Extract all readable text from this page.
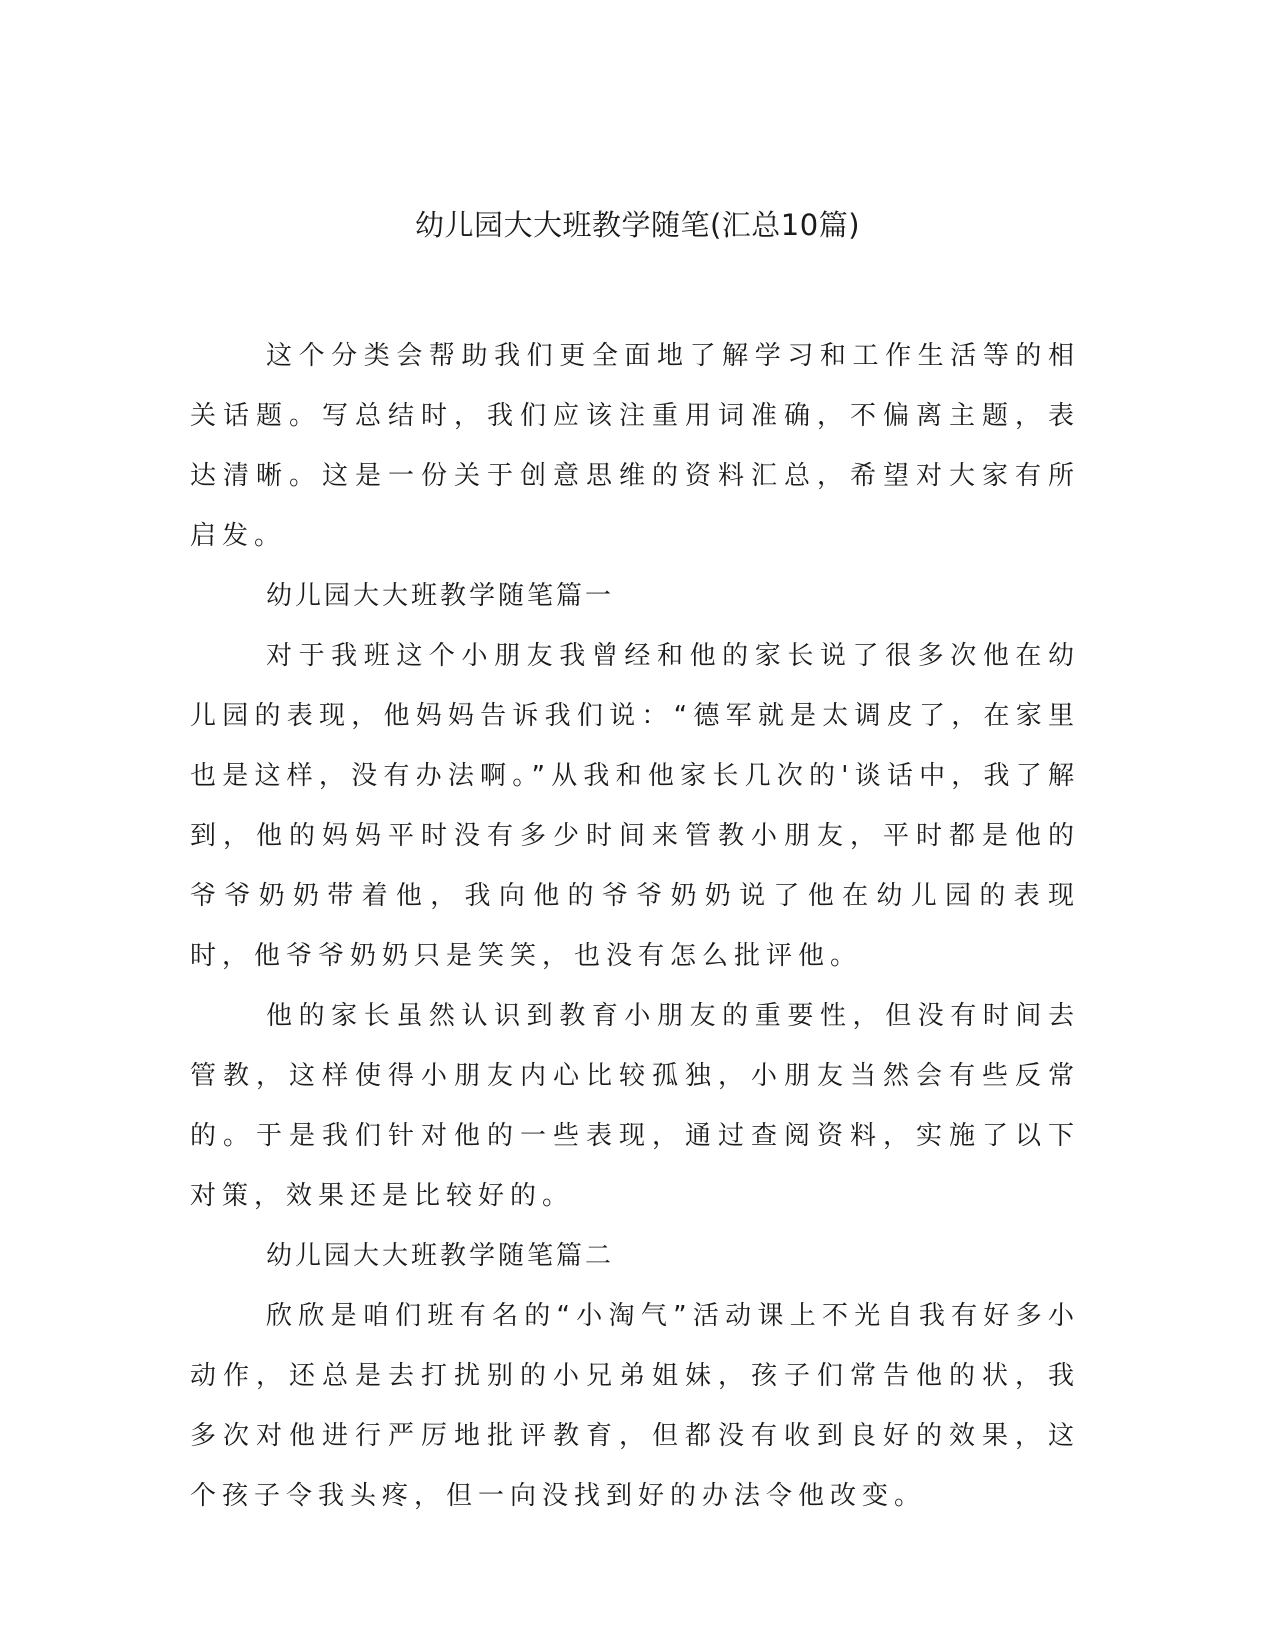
幼儿园大大班教学随笔(汇总10篇)

这个分类会帮助我们更全面地了解学习和工作生活等的相关话题。写总结时，我们应该注重用词准确，不偏离主题，表达清晰。这是一份关于创意思维的资料汇总，希望对大家有所启发。

幼儿园大大班教学随笔篇一

对于我班这个小朋友我曾经和他的家长说了很多次他在幼儿园的表现，他妈妈告诉我们说：“德军就是太调皮了，在家里也是这样，没有办法啊。”从我和他家长几次的'谈话中，我了解到，他的妈妈平时没有多少时间来管教小朋友，平时都是他的爷爷奶奶带着他，我向他的爷爷奶奶说了他在幼儿园的表现时，他爷爷奶奶只是笑笑，也没有怎么批评他。

他的家长虽然认识到教育小朋友的重要性，但没有时间去管教，这样使得小朋友内心比较孤独，小朋友当然会有些反常的。于是我们针对他的一些表现，通过查阅资料，实施了以下对策，效果还是比较好的。

幼儿园大大班教学随笔篇二

欣欣是咱们班有名的“小淘气”活动课上不光自我有好多小动作，还总是去打扰别的小兄弟姐妹，孩子们常告他的状，我多次对他进行严厉地批评教育，但都没有收到良好的效果，这个孩子令我头疼，但一向没找到好的办法令他改变。
